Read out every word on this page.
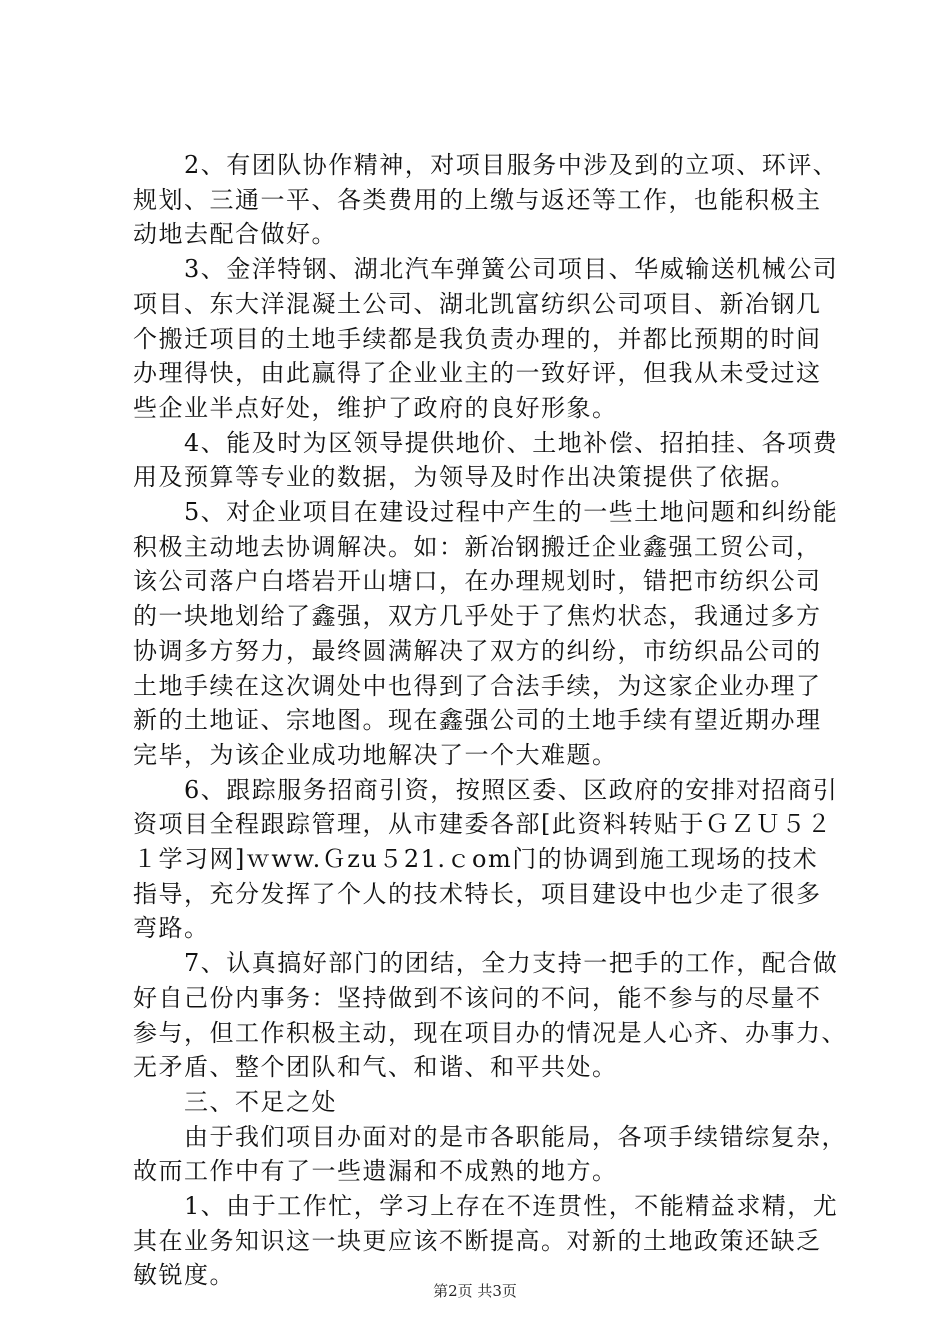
　　2、有团队协作精神，对项目服务中涉及到的立项、环评、
规划、三通一平、各类费用的上缴与返还等工作，也能积极主
动地去配合做好。
　　3、金洋特钢、湖北汽车弹簧公司项目、华威输送机械公司
项目、东大洋混凝土公司、湖北凯富纺织公司项目、新冶钢几
个搬迁项目的土地手续都是我负责办理的，并都比预期的时间
办理得快，由此赢得了企业业主的一致好评，但我从未受过这
些企业半点好处，维护了政府的良好形象。
　　4、能及时为区领导提供地价、土地补偿、招拍挂、各项费
用及预算等专业的数据，为领导及时作出决策提供了依据。
　　5、对企业项目在建设过程中产生的一些土地问题和纠纷能
积极主动地去协调解决。如：新冶钢搬迁企业鑫强工贸公司，
该公司落户白塔岩开山塘口，在办理规划时，错把市纺织公司
的一块地划给了鑫强，双方几乎处于了焦灼状态，我通过多方
协调多方努力，最终圆满解决了双方的纠纷，市纺织品公司的
土地手续在这次调处中也得到了合法手续，为这家企业办理了
新的土地证、宗地图。现在鑫强公司的土地手续有望近期办理
完毕，为该企业成功地解决了一个大难题。
　　6、跟踪服务招商引资，按照区委、区政府的安排对招商引
资项目全程跟踪管理，从市建委各部[此资料转贴于ＧＺＵ５２
１学习网]ｗww.Ｇzu５21.ｃom门的协调到施工现场的技术
指导，充分发挥了个人的技术特长，项目建设中也少走了很多
弯路。
　　7、认真搞好部门的团结，全力支持一把手的工作，配合做
好自己份内事务：坚持做到不该问的不问，能不参与的尽量不
参与，但工作积极主动，现在项目办的情况是人心齐、办事力、
无矛盾、整个团队和气、和谐、和平共处。
　　三、不足之处
　　由于我们项目办面对的是市各职能局，各项手续错综复杂，
故而工作中有了一些遗漏和不成熟的地方。
　　1、由于工作忙，学习上存在不连贯性，不能精益求精，尤
其在业务知识这一块更应该不断提高。对新的土地政策还缺乏
敏锐度。
第2页 共3页
